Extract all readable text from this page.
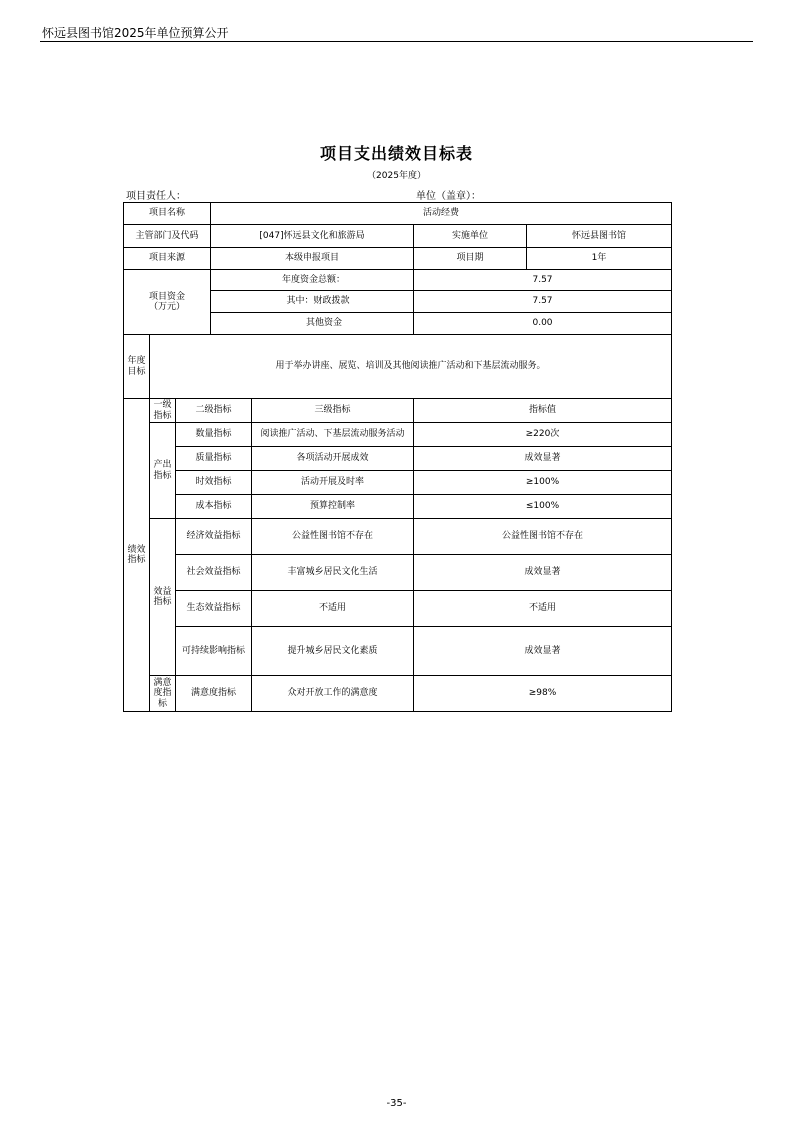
怀远县图书馆2025年单位预算公开
项目支出绩效目标表
（2025年度）
项目责任人：	单位（盖章）：
项目名称			活动经费			
主管部门及代码			[047]怀远县文化和旅游局		实施单位	怀远县图书馆
项目来源			本级申报项目		项目期	1年
项目资金（万元）			年度资金总额：		7.57	
			其中：财政拨款		7.57	
			其他资金		0.00	
年度目标	用于举办讲座、展览、培训及其他阅读推广活动和下基层流动服务。					
绩效指标	一级指标	二级指标		三级指标	指标值	
	产出指标	数量指标		阅读推广活动、下基层流动服务活动	≥220次	
		质量指标		各项活动开展成效	成效显著	
		时效指标		活动开展及时率	≥100%	
		成本指标		预算控制率	≤100%	
	效益指标	经济效益指标		公益性图书馆不存在	公益性图书馆不存在	
		社会效益指标		丰富城乡居民文化生活	成效显著	
		生态效益指标		不适用	不适用	
		可持续影响指标		提升城乡居民文化素质	成效显著	
	满意度指标	满意度指标		众对开放工作的满意度	≥98%	
-35-
